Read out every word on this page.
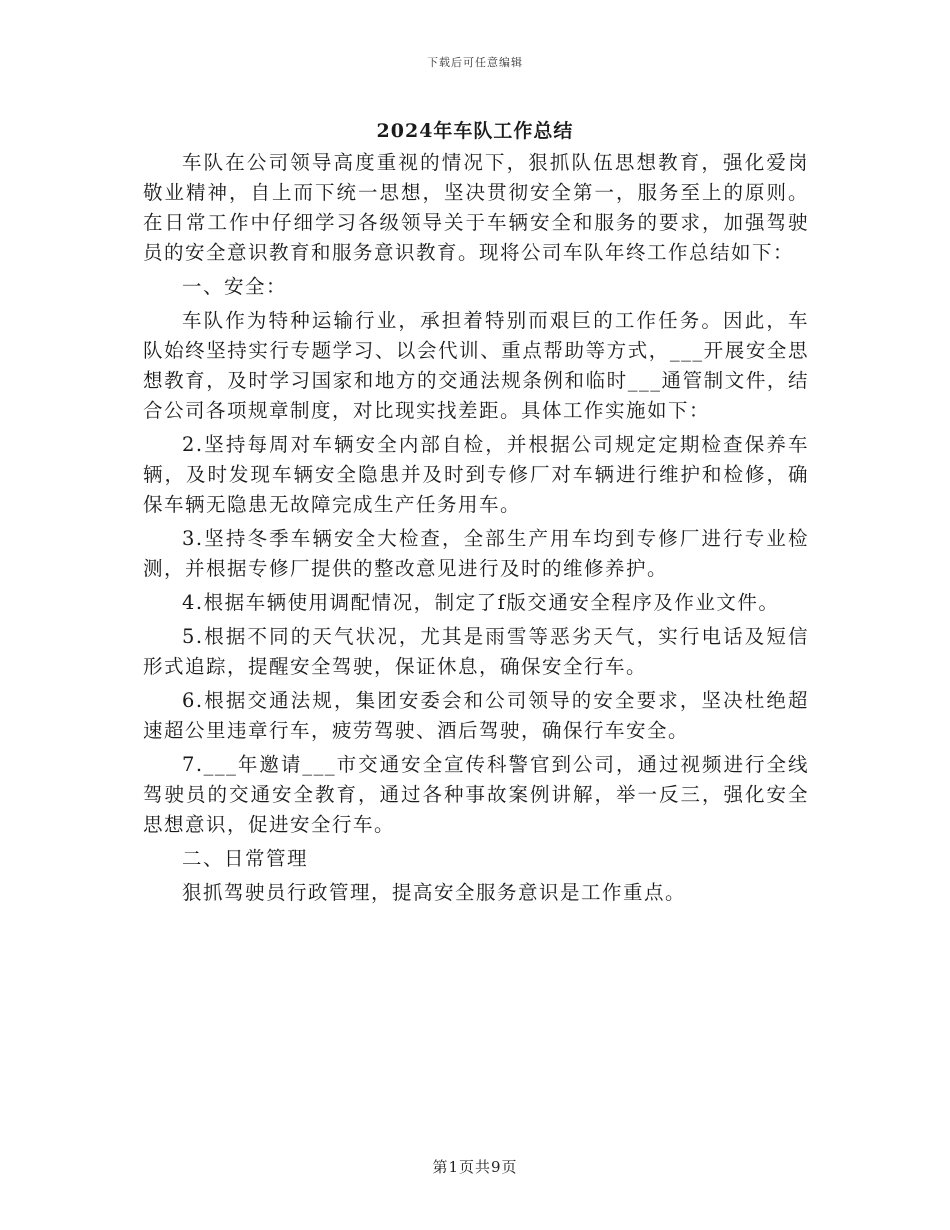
下载后可任意编辑
2024年车队工作总结

车队在公司领导高度重视的情况下，狠抓队伍思想教育，强化爱岗敬业精神，自上而下统一思想，坚决贯彻安全第一，服务至上的原则。在日常工作中仔细学习各级领导关于车辆安全和服务的要求，加强驾驶员的安全意识教育和服务意识教育。现将公司车队年终工作总结如下：

一、安全：

车队作为特种运输行业，承担着特别而艰巨的工作任务。因此，车队始终坚持实行专题学习、以会代训、重点帮助等方式，___开展安全思想教育，及时学习国家和地方的交通法规条例和临时___通管制文件，结合公司各项规章制度，对比现实找差距。具体工作实施如下：

2.坚持每周对车辆安全内部自检，并根据公司规定定期检查保养车辆，及时发现车辆安全隐患并及时到专修厂对车辆进行维护和检修，确保车辆无隐患无故障完成生产任务用车。

3.坚持冬季车辆安全大检查，全部生产用车均到专修厂进行专业检测，并根据专修厂提供的整改意见进行及时的维修养护。

4.根据车辆使用调配情况，制定了f版交通安全程序及作业文件。

5.根据不同的天气状况，尤其是雨雪等恶劣天气，实行电话及短信形式追踪，提醒安全驾驶，保证休息，确保安全行车。

6.根据交通法规，集团安委会和公司领导的安全要求，坚决杜绝超速超公里违章行车，疲劳驾驶、酒后驾驶，确保行车安全。

7.___年邀请___市交通安全宣传科警官到公司，通过视频进行全线驾驶员的交通安全教育，通过各种事故案例讲解，举一反三，强化安全思想意识，促进安全行车。

二、日常管理

狠抓驾驶员行政管理，提高安全服务意识是工作重点。

第1页共9页
